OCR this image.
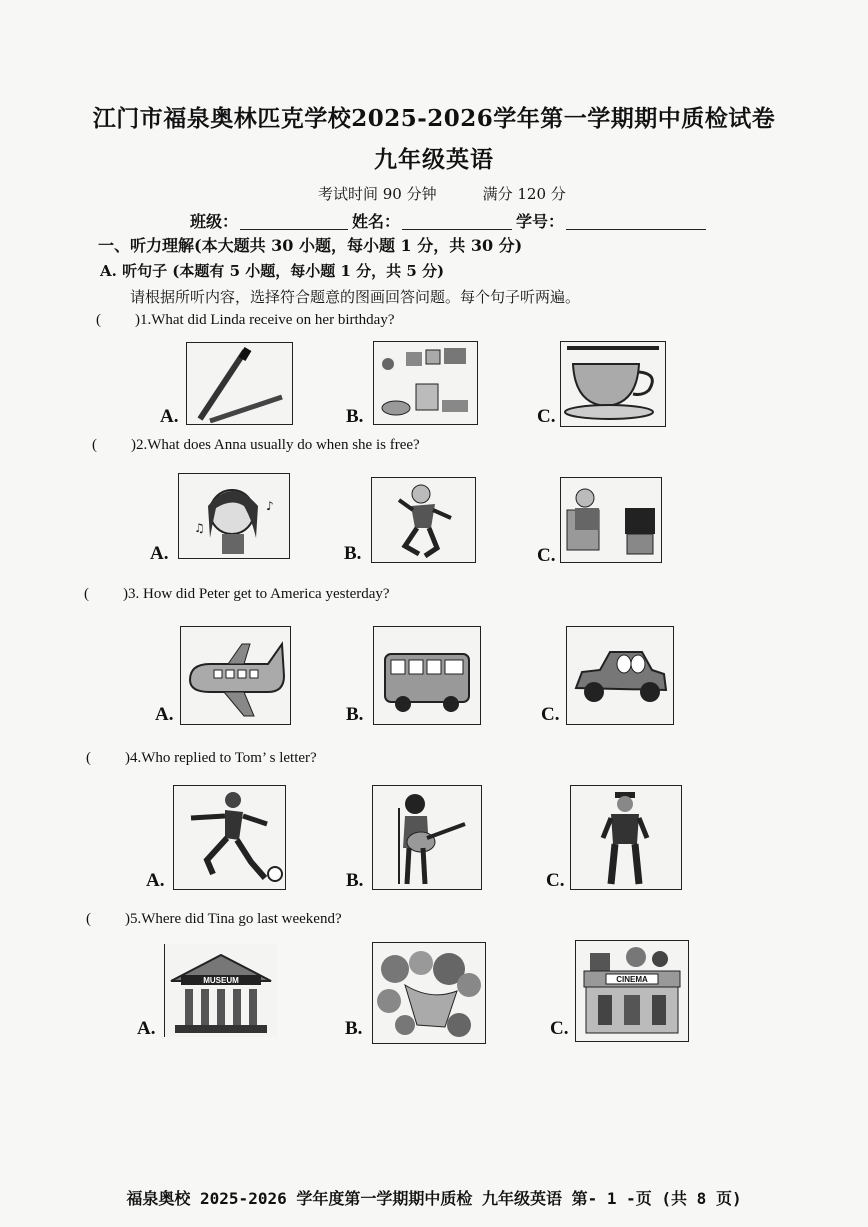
江门市福泉奥林匹克学校2025-2026学年第一学期期中质检试卷
九年级英语
考试时间 90 分钟	满分 120 分
班级：	姓名：	学号：
一、听力理解(本大题共 30 小题，每小题 1 分，共 30 分)
A. 听句子 (本题有 5 小题，每小题 1 分，共 5 分)
请根据所听内容，选择符合题意的图画回答问题。每个句子听两遍。
( )1.What did Linda receive on her birthday?
A.	B.	C.
( )2.What does Anna usually do when she is free?
A.
♪
♫
B.	C.
( )3. How did Peter get to America yesterday?
A.	B.	C.
( )4.Who replied to Tom’ s letter?
A.	B.	C.
( )5.Where did Tina go last weekend?
A.
MUSEUM
B.	C.
CINEMA
福泉奥校 2025-2026 学年度第一学期期中质检 九年级英语 第- 1 -页 (共 8 页)
